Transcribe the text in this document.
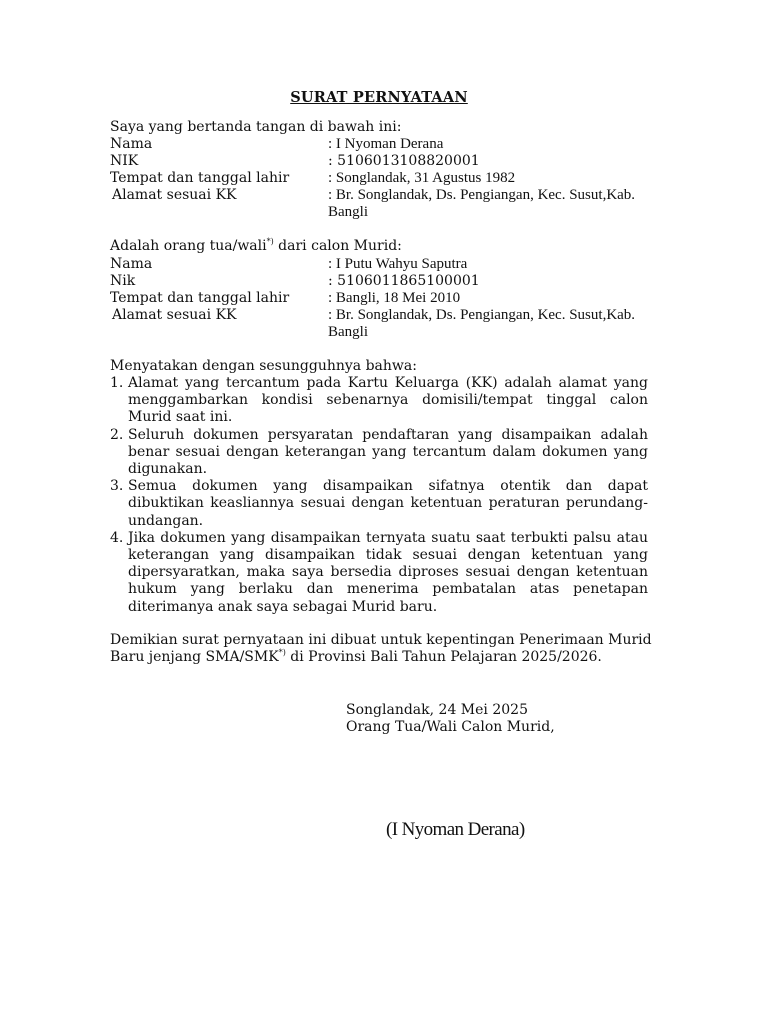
SURAT PERNYATAAN
Saya yang bertanda tangan di bawah ini:
Nama	: I Nyoman Derana
NIK	: 5106013108820001
Tempat dan tanggal lahir	: Songlandak, 31 Agustus 1982
Alamat sesuai KK	: Br. Songlandak, Ds. Pengiangan, Kec. Susut,Kab. Bangli
Adalah orang tua/wali*) dari calon Murid:
Nama	: I Putu Wahyu Saputra
Nik	: 5106011865100001
Tempat dan tanggal lahir	: Bangli, 18 Mei 2010
Alamat sesuai KK	: Br. Songlandak, Ds. Pengiangan, Kec. Susut,Kab. Bangli
Menyatakan dengan sesungguhnya bahwa:
1. Alamat yang tercantum pada Kartu Keluarga (KK) adalah alamat yang menggambarkan kondisi sebenarnya domisili/tempat tinggal calon Murid saat ini.
2. Seluruh dokumen persyaratan pendaftaran yang disampaikan adalah benar sesuai dengan keterangan yang tercantum dalam dokumen yang digunakan.
3. Semua dokumen yang disampaikan sifatnya otentik dan dapat dibuktikan keasliannya sesuai dengan ketentuan peraturan perundang-undangan.
4. Jika dokumen yang disampaikan ternyata suatu saat terbukti palsu atau keterangan yang disampaikan tidak sesuai dengan ketentuan yang dipersyaratkan, maka saya bersedia diproses sesuai dengan ketentuan hukum yang berlaku dan menerima pembatalan atas penetapan diterimanya anak saya sebagai Murid baru.
Demikian surat pernyataan ini dibuat untuk kepentingan Penerimaan Murid Baru jenjang SMA/SMK*) di Provinsi Bali Tahun Pelajaran 2025/2026.
Songlandak, 24 Mei 2025
Orang Tua/Wali Calon Murid,
(I Nyoman Derana)
